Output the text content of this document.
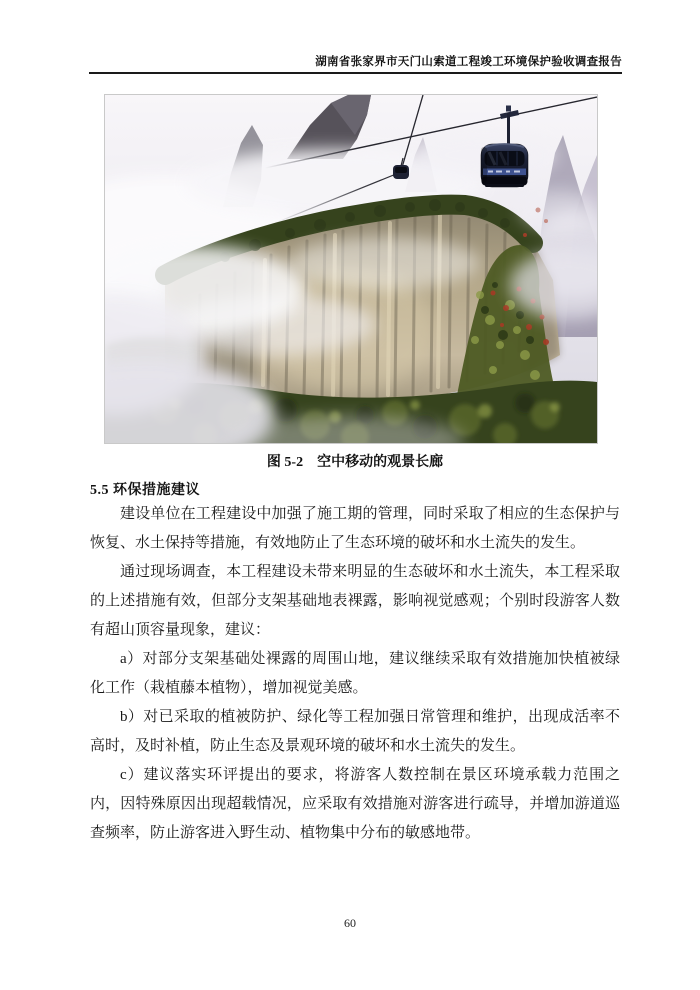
湖南省张家界市天门山索道工程竣工环境保护验收调查报告
图 5-2　空中移动的观景长廊
5.5 环保措施建议

建设单位在工程建设中加强了施工期的管理，同时采取了相应的生态保护与恢复、水土保持等措施，有效地防止了生态环境的破坏和水土流失的发生。

通过现场调查，本工程建设未带来明显的生态破坏和水土流失，本工程采取的上述措施有效，但部分支架基础地表裸露，影响视觉感观；个别时段游客人数有超山顶容量现象，建议：

a）对部分支架基础处裸露的周围山地，建议继续采取有效措施加快植被绿化工作（栽植藤本植物），增加视觉美感。

b）对已采取的植被防护、绿化等工程加强日常管理和维护，出现成活率不高时，及时补植，防止生态及景观环境的破坏和水土流失的发生。

c）建议落实环评提出的要求，将游客人数控制在景区环境承载力范围之内，因特殊原因出现超载情况，应采取有效措施对游客进行疏导，并增加游道巡查频率，防止游客进入野生动、植物集中分布的敏感地带。

60
